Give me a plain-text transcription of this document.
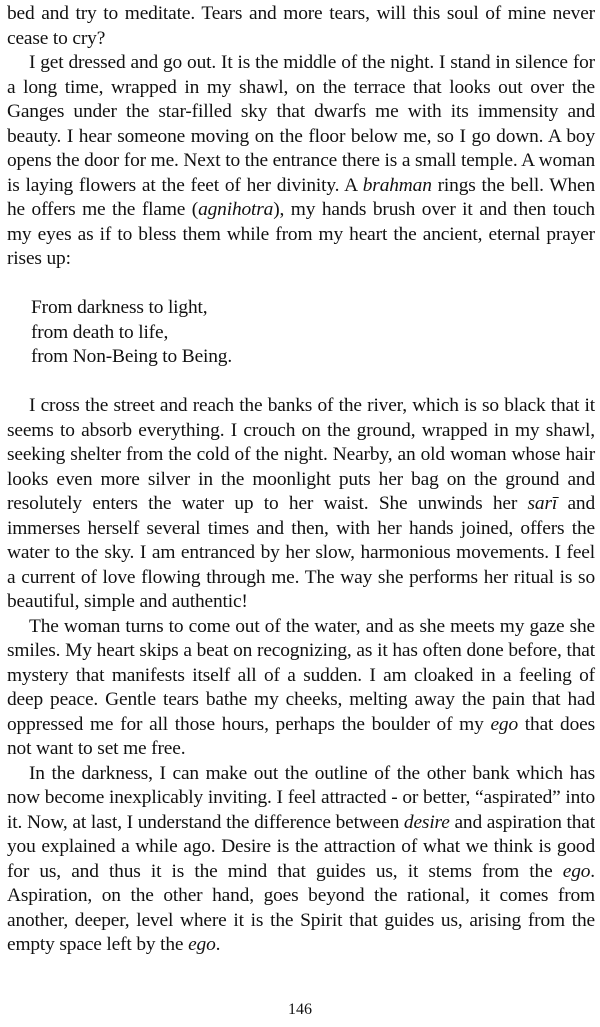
bed and try to meditate. Tears and more tears, will this soul of mine never cease to cry?

I get dressed and go out. It is the middle of the night. I stand in silence for a long time, wrapped in my shawl, on the terrace that looks out over the Ganges under the star-filled sky that dwarfs me with its immensity and beauty. I hear someone moving on the floor below me, so I go down. A boy opens the door for me. Next to the entrance there is a small temple. A woman is laying flowers at the feet of her divinity. A brahman rings the bell. When he offers me the flame (agnihotra), my hands brush over it and then touch my eyes as if to bless them while from my heart the ancient, eternal prayer rises up:

From darkness to light,
from death to life,
from Non-Being to Being.

I cross the street and reach the banks of the river, which is so black that it seems to absorb everything. I crouch on the ground, wrapped in my shawl, seeking shelter from the cold of the night. Nearby, an old woman whose hair looks even more silver in the moonlight puts her bag on the ground and resolutely enters the water up to her waist. She unwinds her sarī and immerses herself several times and then, with her hands joined, offers the water to the sky. I am entranced by her slow, harmonious movements. I feel a current of love flowing through me. The way she performs her ritual is so beautiful, simple and authentic!

The woman turns to come out of the water, and as she meets my gaze she smiles. My heart skips a beat on recognizing, as it has often done before, that mystery that manifests itself all of a sudden. I am cloaked in a feeling of deep peace. Gentle tears bathe my cheeks, melting away the pain that had oppressed me for all those hours, perhaps the boulder of my ego that does not want to set me free.

In the darkness, I can make out the outline of the other bank which has now become inexplicably inviting. I feel attracted - or better, “aspirated” into it. Now, at last, I understand the difference between desire and aspiration that you explained a while ago. Desire is the attraction of what we think is good for us, and thus it is the mind that guides us, it stems from the ego. Aspiration, on the other hand, goes beyond the rational, it comes from another, deeper, level where it is the Spirit that guides us, arising from the empty space left by the ego.

146
